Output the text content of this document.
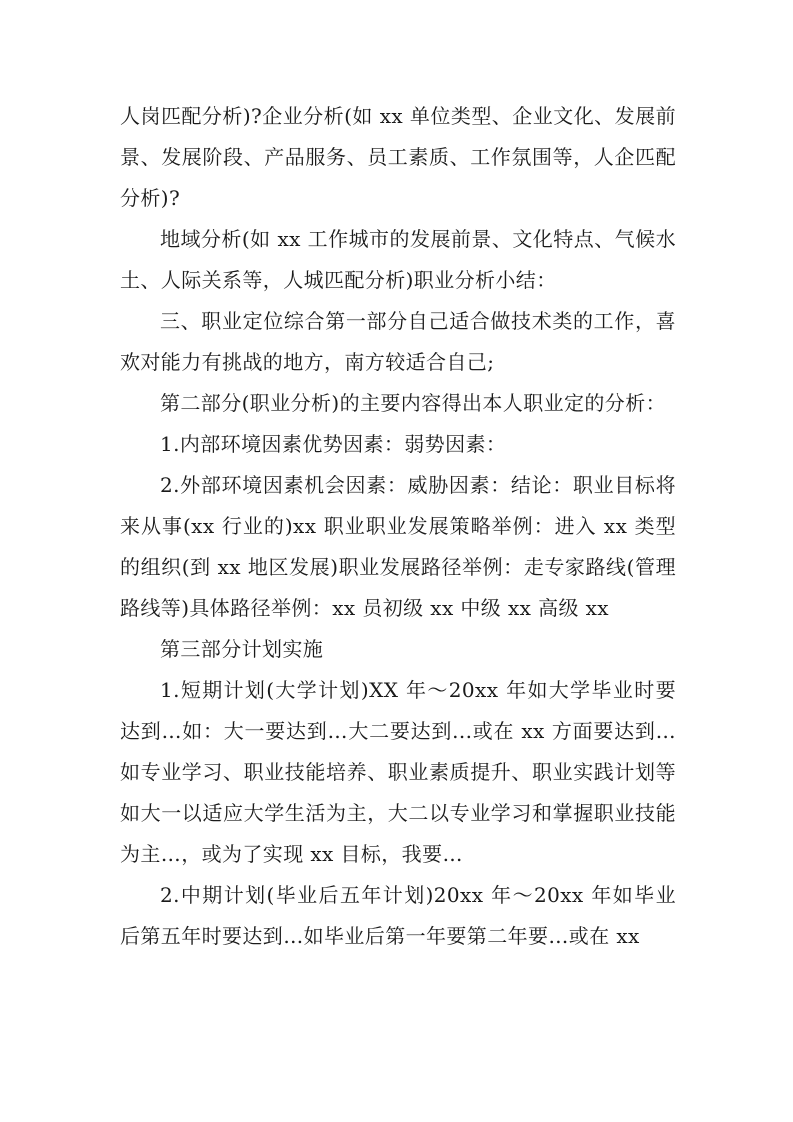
人岗匹配分析)?企业分析(如 xx 单位类型、企业文化、发展前景、发展阶段、产品服务、员工素质、工作氛围等，人企匹配分析)?

地域分析(如 xx 工作城市的发展前景、文化特点、气候水土、人际关系等，人城匹配分析)职业分析小结：

三、职业定位综合第一部分自己适合做技术类的工作，喜欢对能力有挑战的地方，南方较适合自己;

第二部分(职业分析)的主要内容得出本人职业定的分析：

1.内部环境因素优势因素：弱势因素：

2.外部环境因素机会因素：威胁因素：结论：职业目标将来从事(xx 行业的)xx 职业职业发展策略举例：进入 xx 类型的组织(到 xx 地区发展)职业发展路径举例：走专家路线(管理路线等)具体路径举例：xx 员初级 xx 中级 xx 高级 xx

第三部分计划实施

1.短期计划(大学计划)XX 年～20xx 年如大学毕业时要达到…如：大一要达到…大二要达到...或在 xx 方面要达到…如专业学习、职业技能培养、职业素质提升、职业实践计划等如大一以适应大学生活为主，大二以专业学习和掌握职业技能为主…，或为了实现 xx 目标，我要…

2.中期计划(毕业后五年计划)20xx 年～20xx 年如毕业后第五年时要达到…如毕业后第一年要第二年要…或在 xx
